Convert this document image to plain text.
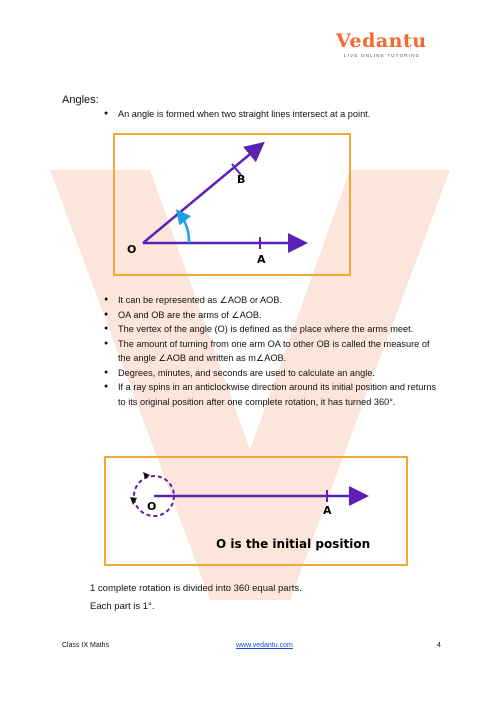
Vedantu
LIVE ONLINE TUTORING
Angles:
● An angle is formed when two straight lines intersect at a point.
O
A
B
● It can be represented as ∠AOB or AOB.
● OA and OB are the arms of ∠AOB.
● The vertex of the angle (O) is defined as the place where the arms meet.
● The amount of turning from one arm OA to other OB is called the measure of the angle ∠AOB and written as m∠AOB.
● Degrees, minutes, and seconds are used to calculate an angle.
● If a ray spins in an anticlockwise direction around its initial position and returns to its original position after one complete rotation, it has turned 360°.
O	A
O is the initial position
1 complete rotation is divided into 360 equal parts.
Each part is 1°.
Class IX Maths	www.vedantu.com	4
